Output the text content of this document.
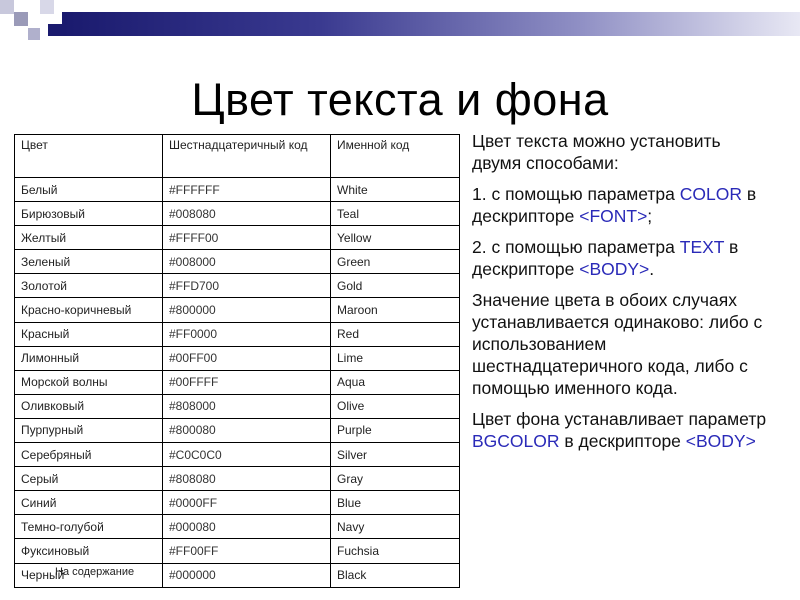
Цвет текста и фона
Цвет	Шестнадцатеричный код	Именной код
Белый	#FFFFFF	White
Бирюзовый	#008080	Teal
Желтый	#FFFF00	Yellow
Зеленый	#008000	Green
Золотой	#FFD700	Gold
Красно-коричневый	#800000	Maroon
Красный	#FF0000	Red
Лимонный	#00FF00	Lime
Морской волны	#00FFFF	Aqua
Оливковый	#808000	Olive
Пурпурный	#800080	Purple
Серебряный	#C0C0C0	Silver
Серый	#808080	Gray
Синий	#0000FF	Blue
Темно-голубой	#000080	Navy
Фуксиновый	#FF00FF	Fuchsia
Черный	#000000	Black
На содержание

Цвет текста можно установить двумя способами:

1. с помощью параметра COLOR в дескрипторе <FONT>;

2. с помощью параметра TEXT в дескрипторе <BODY>.

Значение цвета в обоих случаях устанавливается одинаково: либо с использованием шестнадцатеричного кода, либо с помощью именного кода.

Цвет фона устанавливает параметр BGCOLOR в дескрипторе <BODY>
